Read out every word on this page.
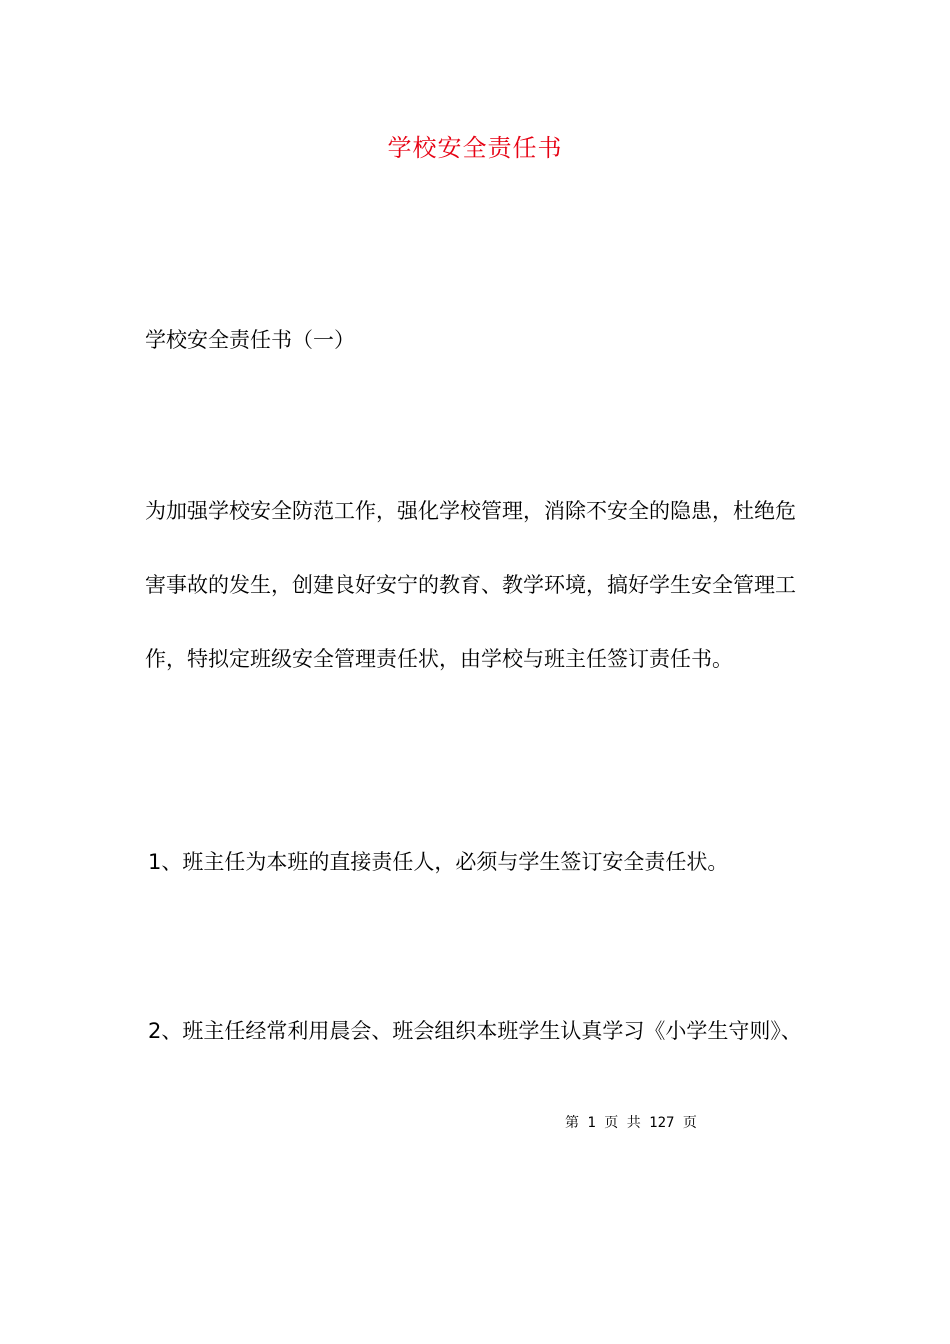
学校安全责任书
学校安全责任书（一）

为加强学校安全防范工作，强化学校管理，消除不安全的隐患，杜绝危害事故的发生，创建良好安宁的教育、教学环境，搞好学生安全管理工作，特拟定班级安全管理责任状，由学校与班主任签订责任书。

1、班主任为本班的直接责任人，必须与学生签订安全责任状。

2、班主任经常利用晨会、班会组织本班学生认真学习《小学生守则》、

第 1 页 共 127 页
